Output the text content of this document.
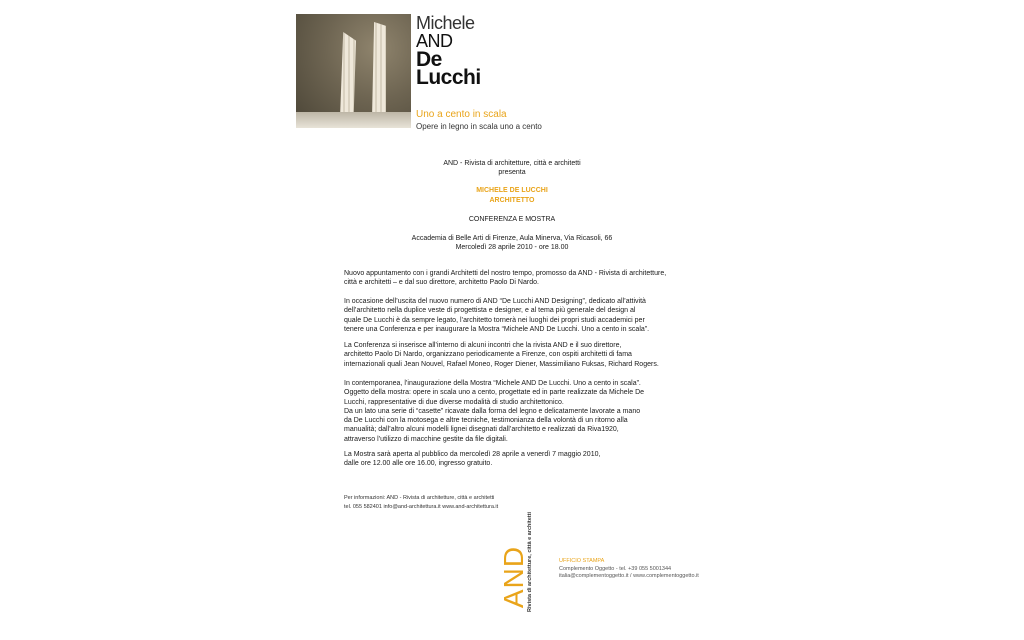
Michele
AND
De
Lucchi
Uno a cento in scala
Opere in legno in scala uno a cento
AND - Rivista di architetture, città e architetti
presenta
MICHELE DE LUCCHI
ARCHITETTO
CONFERENZA E MOSTRA
Accademia di Belle Arti di Firenze, Aula Minerva, Via Ricasoli, 66
Mercoledì 28 aprile 2010 - ore 18.00

Nuovo appuntamento con i grandi Architetti del nostro tempo, promosso da AND - Rivista di architetture,

città e architetti – e dal suo direttore, architetto Paolo Di Nardo.

In occasione dell’uscita del nuovo numero di AND “De Lucchi AND Designing”, dedicato all’attività

dell’architetto nella duplice veste di progettista e designer, e al tema più generale del design al

quale De Lucchi è da sempre legato, l’architetto tornerà nei luoghi dei propri studi accademici per

tenere una Conferenza e per inaugurare la Mostra “Michele AND De Lucchi. Uno a cento in scala”.

La Conferenza si inserisce all’interno di alcuni incontri che la rivista AND e il suo direttore,

architetto Paolo Di Nardo, organizzano periodicamente a Firenze, con ospiti architetti di fama

internazionali quali Jean Nouvel, Rafael Moneo, Roger Diener, Massimiliano Fuksas, Richard Rogers.

In contemporanea, l’inaugurazione della Mostra “Michele AND De Lucchi. Uno a cento in scala”.

Oggetto della mostra: opere in scala uno a cento, progettate ed in parte realizzate da Michele De

Lucchi, rappresentative di due diverse modalità di studio architettonico.

Da un lato una serie di “casette” ricavate dalla forma del legno e delicatamente lavorate a mano

da De Lucchi con la motosega e altre tecniche, testimonianza della volontà di un ritorno alla

manualità; dall’altro alcuni modelli lignei disegnati dall’architetto e realizzati da Riva1920,

attraverso l’utilizzo di macchine gestite da file digitali.

La Mostra sarà aperta al pubblico da mercoledì 28 aprile a venerdì 7 maggio 2010,

dalle ore 12.00 alle ore 16.00, ingresso gratuito.

Per informazioni: AND - Rivista di architetture, città e architetti
tel. 055 582401 info@and-architettura.it www.and-architettura.it
AND
Rivista di architetture, città e architetti	UFFICIO STAMPA
Complemento Oggetto - tel. +39 055 5001344
italia@complementoggetto.it / www.complementoggetto.it
